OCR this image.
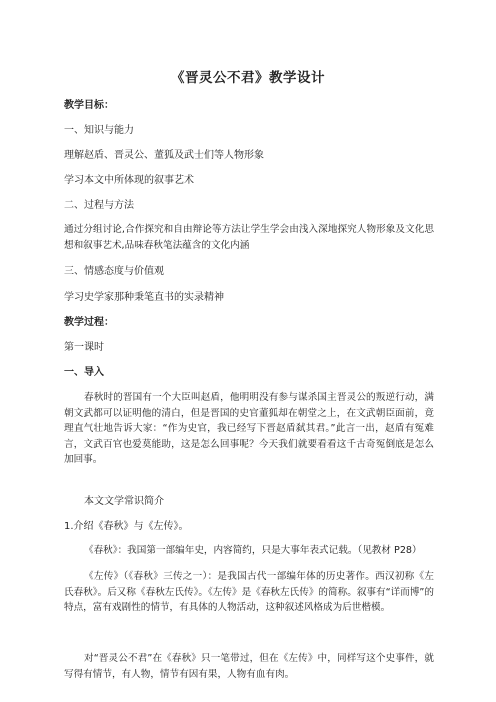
《晋灵公不君》教学设计
教学目标：
一、知识与能力
理解赵盾、晋灵公、董狐及武士们等人物形象
学习本文中所体现的叙事艺术
二、过程与方法
通过分组讨论,合作探究和自由辩论等方法让学生学会由浅入深地探究人物形象及文化思想和叙事艺术,品味春秋笔法蕴含的文化内涵
三、情感态度与价值观
学习史学家那种秉笔直书的实录精神
教学过程：
第一课时
一、导入
春秋时的晋国有一个大臣叫赵盾，他明明没有参与谋杀国主晋灵公的叛逆行动，满朝文武都可以证明他的清白，但是晋国的史官董狐却在朝堂之上，在文武朝臣面前，竟理直气壮地告诉大家：“作为史官，我已经写下晋赵盾弑其君。”此言一出，赵盾有冤难言，文武百官也爱莫能助，这是怎么回事呢？今天我们就要看看这千古奇冤倒底是怎么加回事。
本文文学常识简介
1.介绍《春秋》与《左传》。
《春秋》：我国第一部编年史，内容简约，只是大事年表式记载。（见教材 P28）
《左传》（《春秋》三传之一）：是我国古代一部编年体的历史著作。西汉初称《左氏春秋》。后又称《春秋左氏传》。《左传》是《春秋左氏传》的简称。叙事有“详而博”的特点，富有戏剧性的情节，有具体的人物活动，这种叙述风格成为后世楷模。
对“晋灵公不君”在《春秋》只一笔带过，但在《左传》中，同样写这个史事件，就写得有情节，有人物，情节有因有果，人物有血有肉。
